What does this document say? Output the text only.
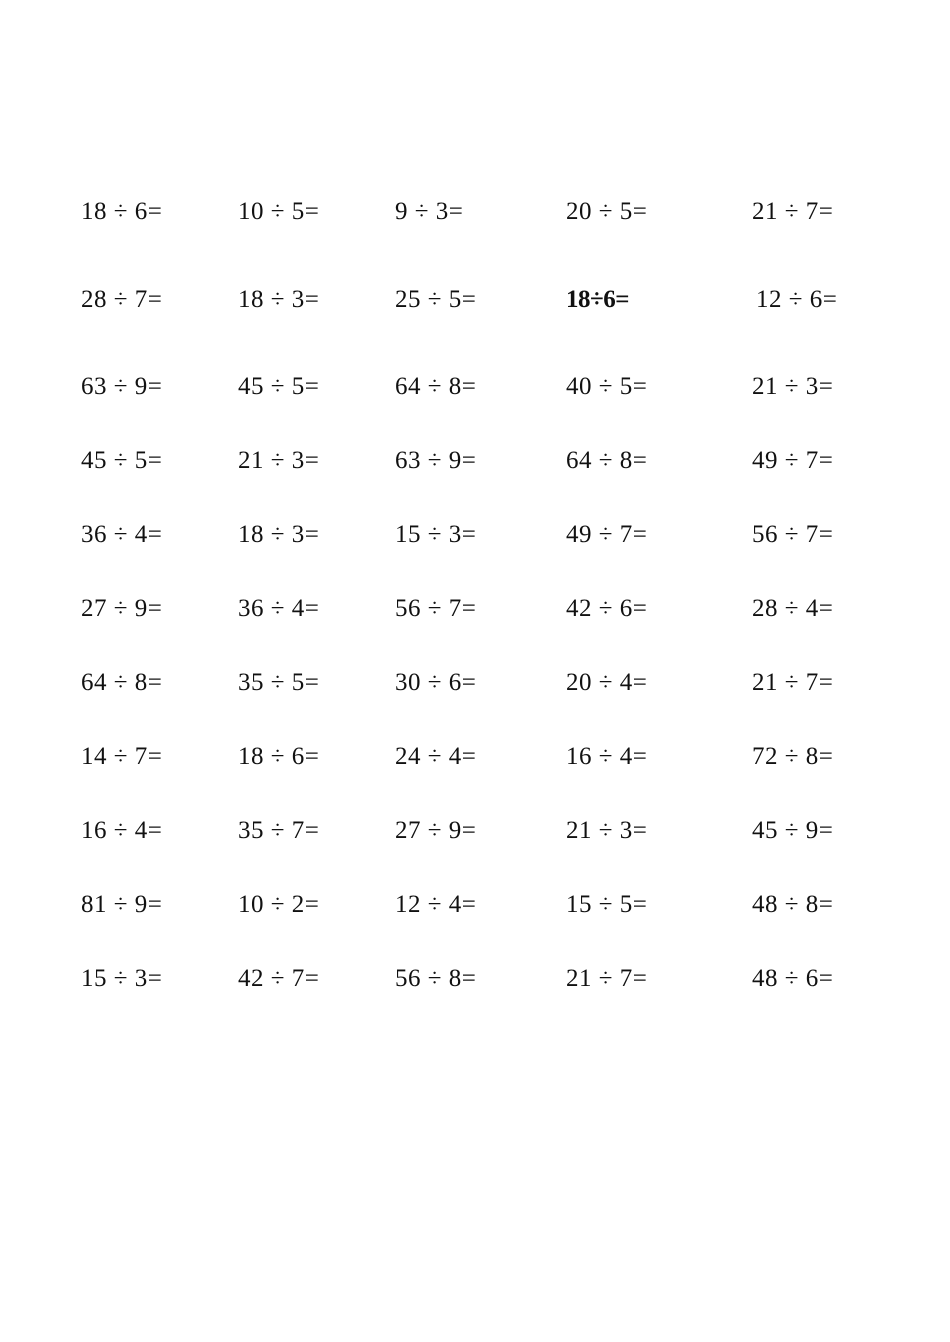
18 ÷ 6=	10 ÷ 5=	9 ÷ 3=	20 ÷ 5=	21 ÷ 7=
28 ÷ 7=	18 ÷ 3=	25 ÷ 5=	18÷6=	12 ÷ 6=
63 ÷ 9=	45 ÷ 5=	64 ÷ 8=	40 ÷ 5=	21 ÷ 3=
45 ÷ 5=	21 ÷ 3=	63 ÷ 9=	64 ÷ 8=	49 ÷ 7=
36 ÷ 4=	18 ÷ 3=	15 ÷ 3=	49 ÷ 7=	56 ÷ 7=
27 ÷ 9=	36 ÷ 4=	56 ÷ 7=	42 ÷ 6=	28 ÷ 4=
64 ÷ 8=	35 ÷ 5=	30 ÷ 6=	20 ÷ 4=	21 ÷ 7=
14 ÷ 7=	18 ÷ 6=	24 ÷ 4=	16 ÷ 4=	72 ÷ 8=
16 ÷ 4=	35 ÷ 7=	27 ÷ 9=	21 ÷ 3=	45 ÷ 9=
81 ÷ 9=	10 ÷ 2=	12 ÷ 4=	15 ÷ 5=	48 ÷ 8=
15 ÷ 3=	42 ÷ 7=	56 ÷ 8=	21 ÷ 7=	48 ÷ 6=
